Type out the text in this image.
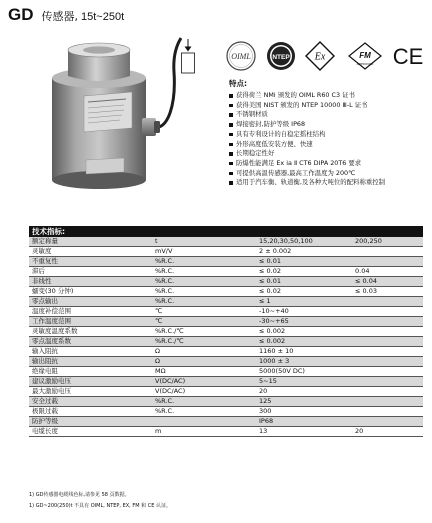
GD 传感器, 15t~250t
OIML	NTEP	Ex	FM
APPROVED CE
特点:
获得荷兰 NMi 颁发的 OIML R60 C3 证书
获得美国 NIST 颁发的 NTEP 10000 Ⅲ-L 证书
不锈钢材质
焊接密封,防护等级 IP68
具有专利设计的自稳定摇柱结构
外形高度低安装方便、快速
长期稳定性好
防爆性能满足 Ex ia Ⅱ CT6 DIPA 20T6 要求
可提供高温传感器,最高工作温度为 200℃
适用于汽车衡、轨道衡,及各种大吨位的配料称重控制
技术指标:
额定称量	t	15,20,30,50,100	200,250
灵敏度	mV/V	2 ± 0.002	
不重复性	%R.C.	≤ 0.01	
滞后	%R.C.	≤ 0.02	0.04
非线性	%R.C.	≤ 0.01	≤ 0.04
蠕变(30 分钟)	%R.C.	≤ 0.02	≤ 0.03
零点输出	%R.C.	≤ 1	
温度补偿范围	℃	-10~+40	
工作温度范围	℃	-30~+65	
灵敏度温度系数	%R.C./℃	≤ 0.002	
零点温度系数	%R.C./℃	≤ 0.002	
输入阻抗	Ω	1160 ± 10	
输出阻抗	Ω	1000 ± 3	
绝缘电阻	MΩ	5000(50V DC)	
建议激励电压	V(DC/AC)	5~15	
最大激励电压	V(DC/AC)	20	
安全过载	%R.C.	125	
极限过载	%R.C.	300	
防护等级		IP68	
电缆长度	m	13	20

1) GD传感器电缆线色标,请参见 58 页数据。

1) GD~200(250)t 不具有 OIML, NTEP, EX, FM 和 CE 认证。
